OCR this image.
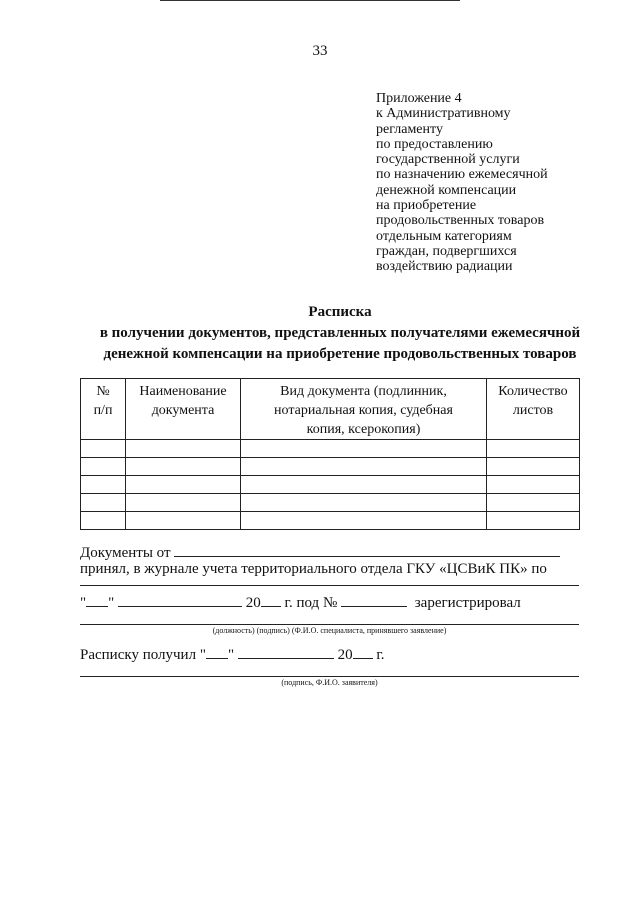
33
Приложение 4
к Административному
регламенту
по предоставлению
государственной услуги
по назначению ежемесячной
денежной компенсации
на приобретение
продовольственных товаров
отдельным категориям
граждан, подвергшихся
воздействию радиации
Расписка
в получении документов, представленных получателями ежемесячной
денежной компенсации на приобретение продовольственных товаров
№ п/п	Наименование документа	Вид документа (подлинник, нотариальная копия, судебная копия, ксерокопия)	Количество листов

Документы от
принял, в журнале учета территориального отдела ГКУ «ЦСВиК ПК» по
" "	20 г. под №	зарегистрировал
(должность) (подпись) (Ф.И.О. специалиста, принявшего заявление)
Расписку получил " "	20 г.
(подпись, Ф.И.О. заявителя)
